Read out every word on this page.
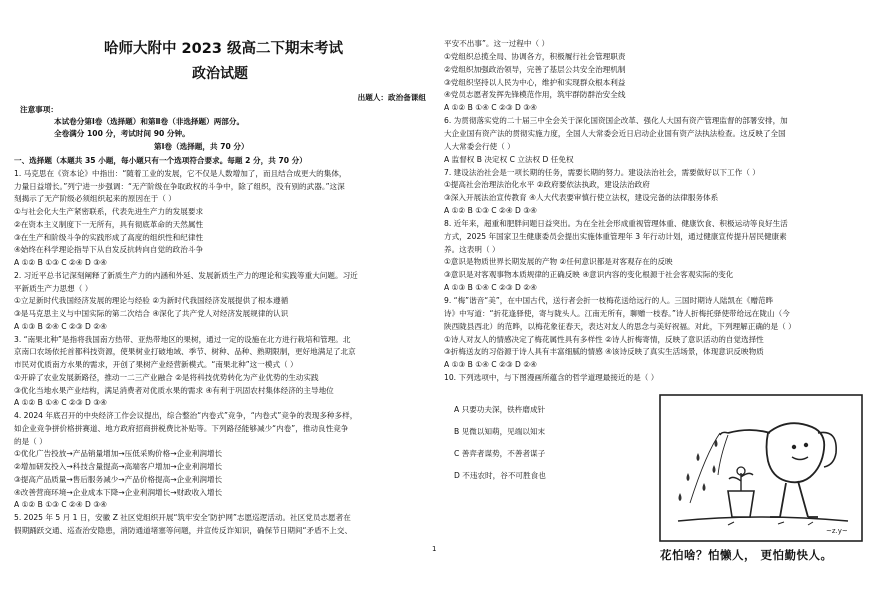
哈师大附中 2023 级高二下期末考试
政治试题
出题人：政治备课组
注意事项：
本试卷分第Ⅰ卷（选择题）和第Ⅱ卷（非选择题）两部分。
全卷满分 100 分，考试时间 90 分钟。
第Ⅰ卷（选择题，共 70 分）
一、选择题（本题共 35 小题，每小题只有一个选项符合要求。每题 2 分，共 70 分）
1. 马克思在《资本论》中指出：“随着工业的发展，它不仅是人数增加了，而且结合成更大的集体，
力量日益增长。”列宁进一步强调：“无产阶级在争取政权的斗争中，除了组织，没有别的武器。”这深
刻揭示了无产阶级必须组织起来的原因在于（ ）
①与社会化大生产紧密联系，代表先进生产力的发展要求
②在资本主义制度下一无所有，具有彻底革命的天然属性
③在生产和阶级斗争的实践形成了高度的组织性和纪律性
④始终在科学理论指导下从自发反抗转向自觉的政治斗争
A ①② B ①③ C ②④ D ③④
2. 习近平总书记深刻阐释了新质生产力的内涵和外延、发展新质生产力的理论和实践等重大问题。习近
平新质生产力思想（ ）
①立足新时代我国经济发展的理论与经验 ②为新时代我国经济发展提供了根本遵循
③是马克思主义与中国实际的第二次结合 ④深化了共产党人对经济发展规律的认识
A ①③ B ②④ C ②③ D ②④
3. “南果北种”是指将我国南方热带、亚热带地区的果树，通过一定的设施在北方进行栽培和管理。北
京南口农场依托首都科技资源，使果树业打破地域、季节、树种、品种、熟期限制，更好地满足了北京
市民对优质南方水果的需求，开创了果树产业经营新模式。“南果北种”这一模式（ ）
①开辟了农业发展新路径，推动一二三产业融合 ②是将科技优势转化为产业优势的生动实践
③优化当地水果产业结构，满足消费者对优质水果的需求 ④有利于巩固农村集体经济的主导地位
A ①② B ①④ C ②③ D ③④
4. 2024 年底召开的中央经济工作会议提出，综合整治“内卷式”竞争，“内卷式”竞争的表现多种多样，
如企业竞争拼价格拼赛道、地方政府招商拼税费比补贴等。下列路径能够减少“内卷”，推动良性竞争
的是（ ）
①优化广告投放→产品销量增加→压低采购价格→企业利润增长
②增加研发投入→科技含量提高→高端客户增加→企业利润增长
③提高产品质量→售后服务减少→产品价格提高→企业利润增长
④改善营商环境→企业成本下降→企业利润增长→财政收入增长
A ①② B ①③ C ②④ D ③④
5. 2025 年 5 月 1 日，安徽 Z 社区党组织开展“筑牢安全’防护网”志愿巡逻活动。社区党员志愿者在
假期踊跃交通、巡查治安隐患，消防通道堵塞等问题，并宣传反诈知识，确保节日期间“矛盾不上交、
平安不出事”。这一过程中（ ）
①党组织总揽全局、协调各方，积极履行社会管理职责
②党组织加强政治领导，完善了基层公共安全治理机制
③党组织坚持以人民为中心，维护和实现群众根本利益
④党员志愿者发挥先锋模范作用，筑牢群防群治安全线
A ①② B ①④ C ②③ D ③④
6. 为贯彻落实党的二十届三中全会关于深化国资国企改革、强化人大国有资产管理监督的部署安排，加
大企业国有资产法的贯彻实施力度，全国人大常委会近日启动企业国有资产法执法检查。这反映了全国
人大常委会行使（ ）
A 监督权 B 决定权 C 立法权 D 任免权
7. 建设法治社会是一项长期的任务，需要长期的努力。建设法治社会，需要做好以下工作（ ）
①提高社会治理法治化水平 ②政府要依法执政，建设法治政府
③深入开展法治宣传教育 ④人大代表要审慎行使立法权，建设完备的法律服务体系
A ①② B ①③ C ②④ D ③④
8. 近年来，超重和肥胖问题日益突出。为在全社会形成重视管理体重、健康饮食、积极运动等良好生活
方式，2025 年国家卫生健康委员会提出实施体重管理年 3 年行动计划，通过健康宣传提升居民健康素
养。这表明（ ）
①意识是物质世界长期发展的产物 ②任何意识都是对客观存在的反映
③意识是对客观事物本质规律的正确反映 ④意识内容的变化根源于社会客观实际的变化
A ①③ B ①④ C ②③ D ②④
9. “梅”谐音“美”，在中国古代，送行者会折一枝梅花送给远行的人。三国时期诗人陆凯在《赠范晔
诗》中写道：“折花逢驿使，寄与陇头人。江南无所有，聊赠一枝春。”诗人折梅托驿使带给远在陇山（今
陕西陇县西北）的范晔，以梅花象征春天，表达对友人的思念与美好祝福。对此，下列理解正确的是（ ）
①诗人对友人的情感决定了梅花属性具有多样性 ②诗人折梅寄情，反映了意识活动的自觉选择性
③折梅送友的习俗源于诗人具有丰富细腻的情感 ④该诗反映了真实生活场景，体现意识反映物质
A ①③ B ①④ C ②③ D ②④
10. 下列选项中，与下图漫画所蕴含的哲学道理最接近的是（ ）
A 只要功夫深，铁杵磨成针
B 见微以知萌，见端以知末
C 善弈者谋势，不善者谋子
D 不违农时，谷不可胜食也
1
~z.y~
花怕啥？怕懒人， 更怕勤快人。
